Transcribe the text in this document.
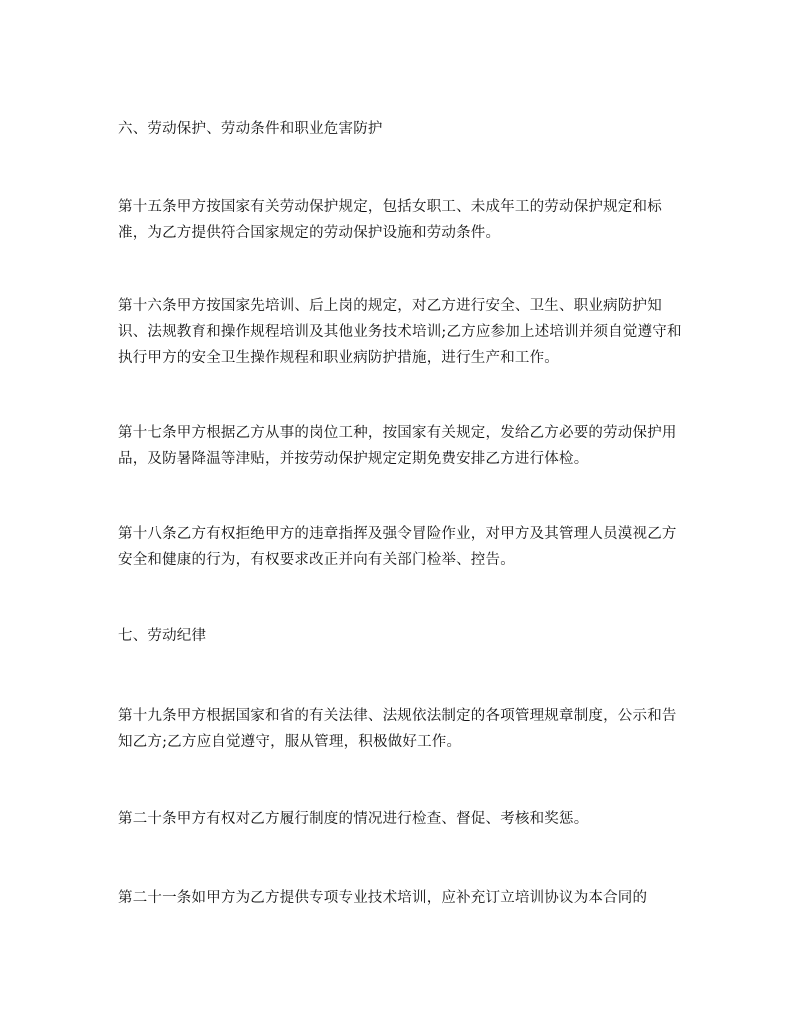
六、劳动保护、劳动条件和职业危害防护

第十五条甲方按国家有关劳动保护规定，包括女职工、未成年工的劳动保护规定和标准，为乙方提供符合国家规定的劳动保护设施和劳动条件。

第十六条甲方按国家先培训、后上岗的规定，对乙方进行安全、卫生、职业病防护知识、法规教育和操作规程培训及其他业务技术培训;乙方应参加上述培训并须自觉遵守和执行甲方的安全卫生操作规程和职业病防护措施，进行生产和工作。

第十七条甲方根据乙方从事的岗位工种，按国家有关规定，发给乙方必要的劳动保护用品，及防暑降温等津贴，并按劳动保护规定定期免费安排乙方进行体检。

第十八条乙方有权拒绝甲方的违章指挥及强令冒险作业，对甲方及其管理人员漠视乙方安全和健康的行为，有权要求改正并向有关部门检举、控告。

七、劳动纪律

第十九条甲方根据国家和省的有关法律、法规依法制定的各项管理规章制度，公示和告知乙方;乙方应自觉遵守，服从管理，积极做好工作。

第二十条甲方有权对乙方履行制度的情况进行检查、督促、考核和奖惩。

第二十一条如甲方为乙方提供专项专业技术培训，应补充订立培训协议为本合同的
